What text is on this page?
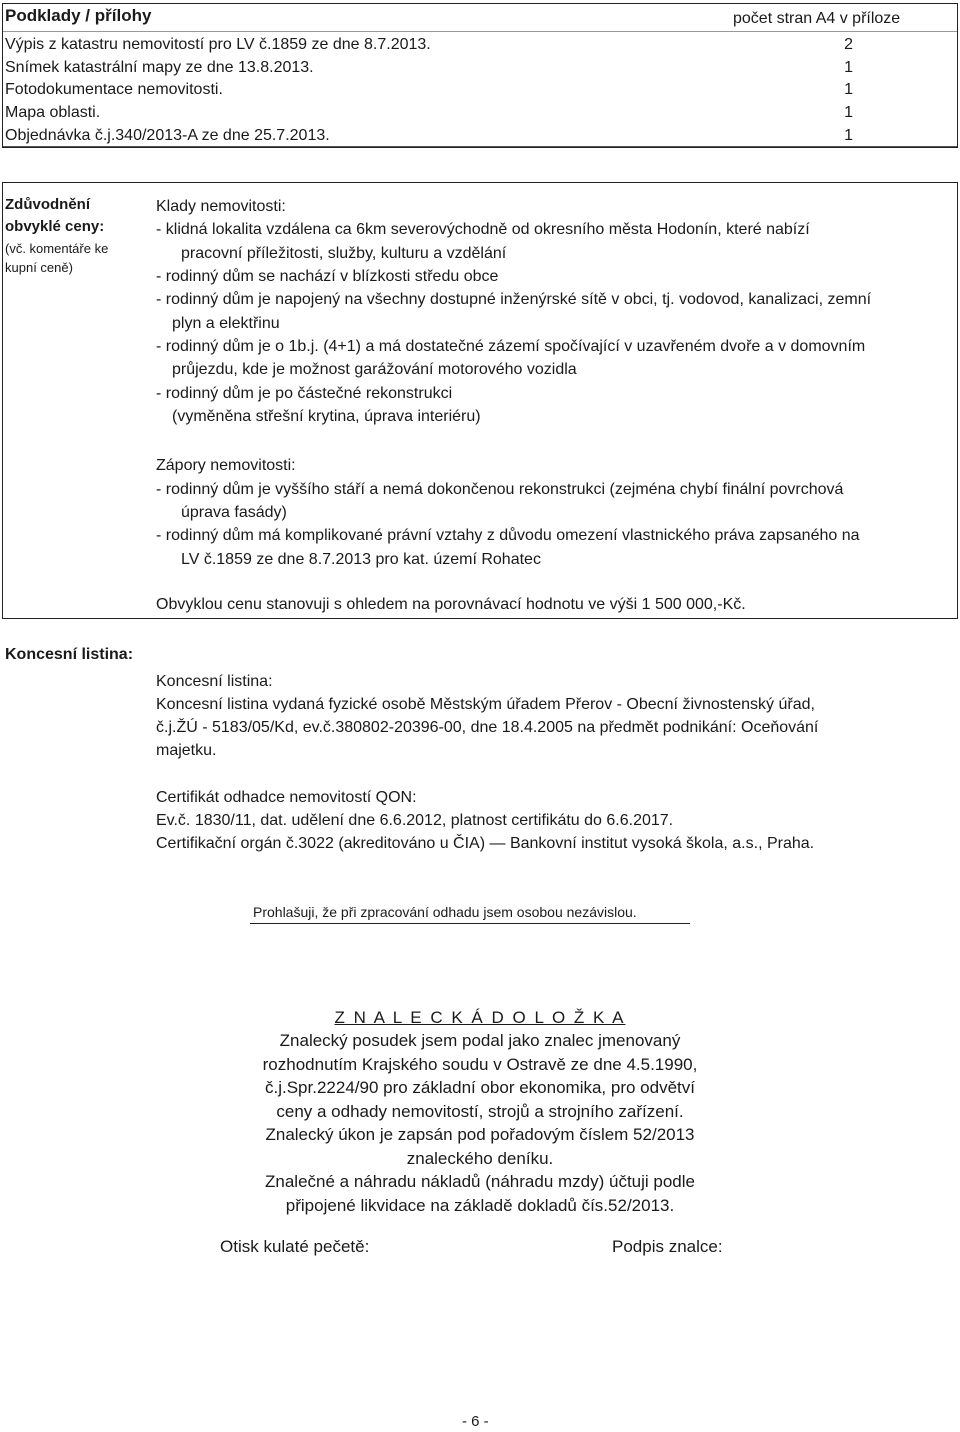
Podklady / přílohy	počet stran A4 v příloze
Výpis z katastru nemovitostí pro LV č.1859 ze dne 8.7.2013.	2
Snímek katastrální mapy ze dne 13.8.2013.	1
Fotodokumentace nemovitosti.	1
Mapa oblasti.	1
Objednávka č.j.340/2013-A ze dne 25.7.2013.	1
Zdůvodnění
obvyklé ceny:
(vč. komentáře ke
kupní ceně)
Klady nemovitosti:
- klidná lokalita vzdálena ca 6km severovýchodně od okresního města Hodonín, které nabízí
pracovní příležitosti, služby, kulturu a vzdělání
- rodinný dům se nachází v blízkosti středu obce
- rodinný dům je napojený na všechny dostupné inženýrské sítě v obci, tj. vodovod, kanalizaci, zemní
plyn a elektřinu
- rodinný dům je o 1b.j. (4+1) a má dostatečné zázemí spočívající v uzavřeném dvoře a v domovním
průjezdu, kde je možnost garážování motorového vozidla
- rodinný dům je po částečné rekonstrukci
(vyměněna střešní krytina, úprava interiéru)
Zápory nemovitosti:
- rodinný dům je vyššího stáří a nemá dokončenou rekonstrukci (zejména chybí finální povrchová
úprava fasády)
- rodinný dům má komplikované právní vztahy z důvodu omezení vlastnického práva zapsaného na
LV č.1859 ze dne 8.7.2013 pro kat. území Rohatec
Obvyklou cenu stanovuji s ohledem na porovnávací hodnotu ve výši 1 500 000,-Kč.
Koncesní listina:
Koncesní listina:
Koncesní listina vydaná fyzické osobě Městským úřadem Přerov - Obecní živnostenský úřad,
č.j.ŽÚ - 5183/05/Kd, ev.č.380802-20396-00, dne 18.4.2005 na předmět podnikání: Oceňování
majetku.
Certifikát odhadce nemovitostí QON:
Ev.č. 1830/11, dat. udělení dne 6.6.2012, platnost certifikátu do 6.6.2017.
Certifikační orgán č.3022 (akreditováno u ČIA) — Bankovní institut vysoká škola, a.s., Praha.
Prohlašuji, že při zpracování odhadu jsem osobou nezávislou.
Z N A L E C K Á D O L O Ž K A
Znalecký posudek jsem podal jako znalec jmenovaný
rozhodnutím Krajského soudu v Ostravě ze dne 4.5.1990,
č.j.Spr.2224/90 pro základní obor ekonomika, pro odvětví
ceny a odhady nemovitostí, strojů a strojního zařízení.
Znalecký úkon je zapsán pod pořadovým číslem 52/2013
znaleckého deníku.
Znalečné a náhradu nákladů (náhradu mzdy) účtuji podle
připojené likvidace na základě dokladů čís.52/2013.
Otisk kulaté pečetě:	Podpis znalce:
- 6 -
